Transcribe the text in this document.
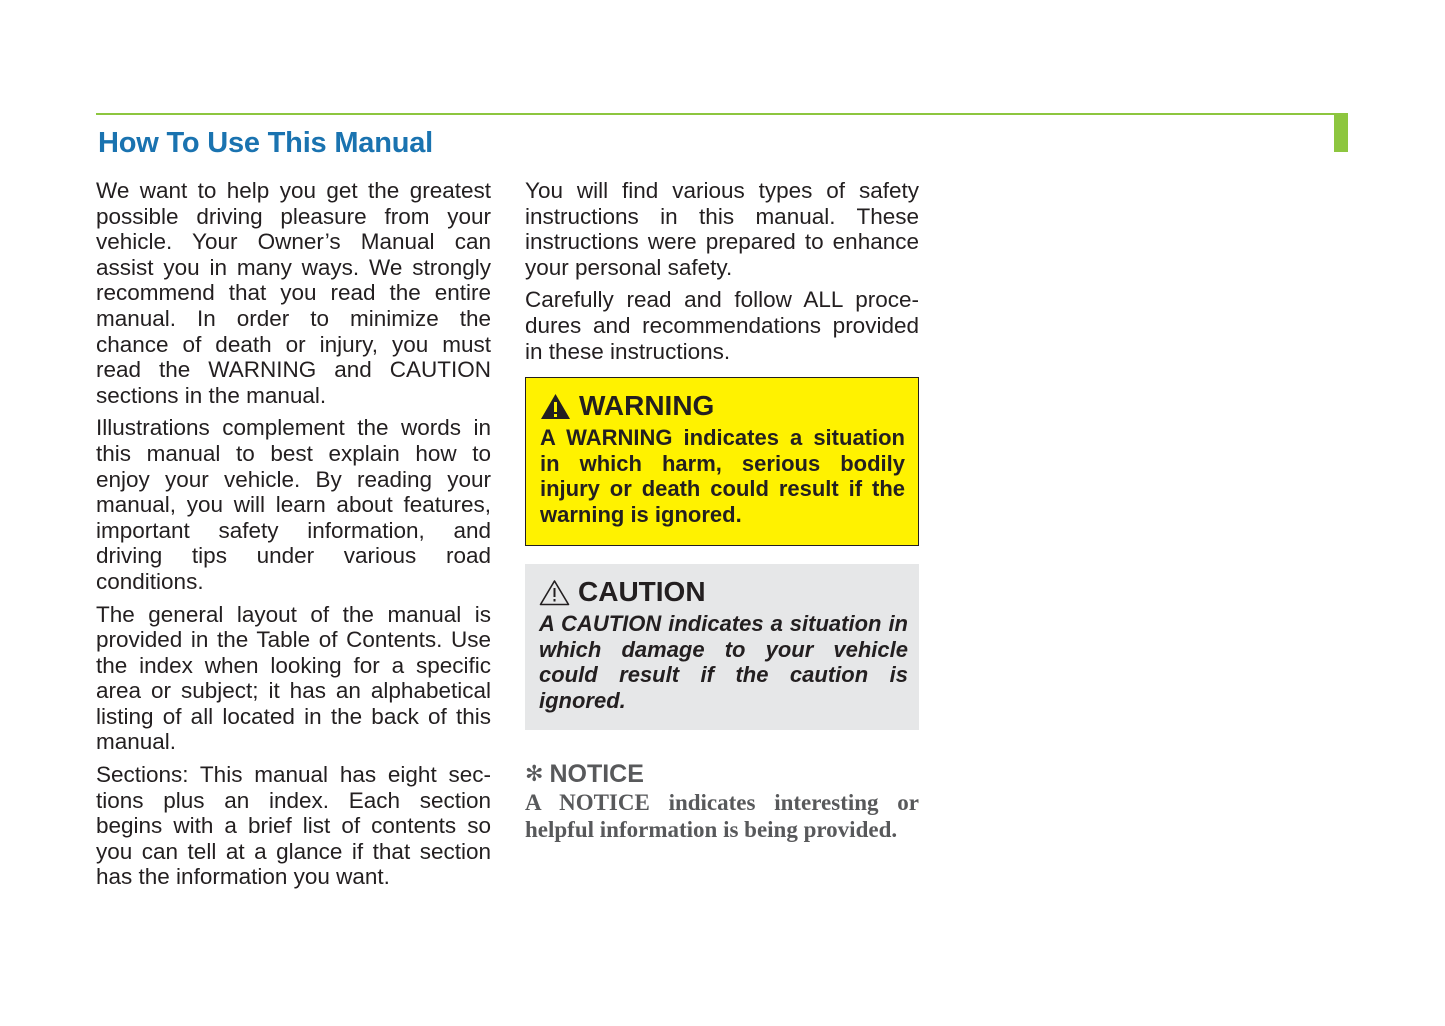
How To Use This Manual

We want to help you get the greatest possible driving pleasure from your vehicle. Your Owner’s Manual can assist you in many ways. We strongly recommend that you read the entire manual. In order to minimize the chance of death or injury, you must read the WARNING and CAUTION sections in the manual.

Illustrations complement the words in this manual to best explain how to enjoy your vehicle. By reading your manual, you will learn about features, important safety information, and driving tips under various road conditions.

The general layout of the manual is provided in the Table of Contents. Use the index when looking for a specific area or subject; it has an alphabetical listing of all located in the back of this manual.

Sections: This manual has eight sections plus an index. Each section begins with a brief list of contents so you can tell at a glance if that section has the information you want.

You will find various types of safety instructions in this manual. These instructions were prepared to enhance your personal safety.

Carefully read and follow ALL procedures and recommendations provided in these instructions.

WARNING

A WARNING indicates a situation in which harm, serious bodily injury or death could result if the warning is ignored.

CAUTION

A CAUTION indicates a situation in which damage to your vehicle could result if the caution is ignored.

✻ NOTICE

A NOTICE indicates interesting or helpful information is being provided.
